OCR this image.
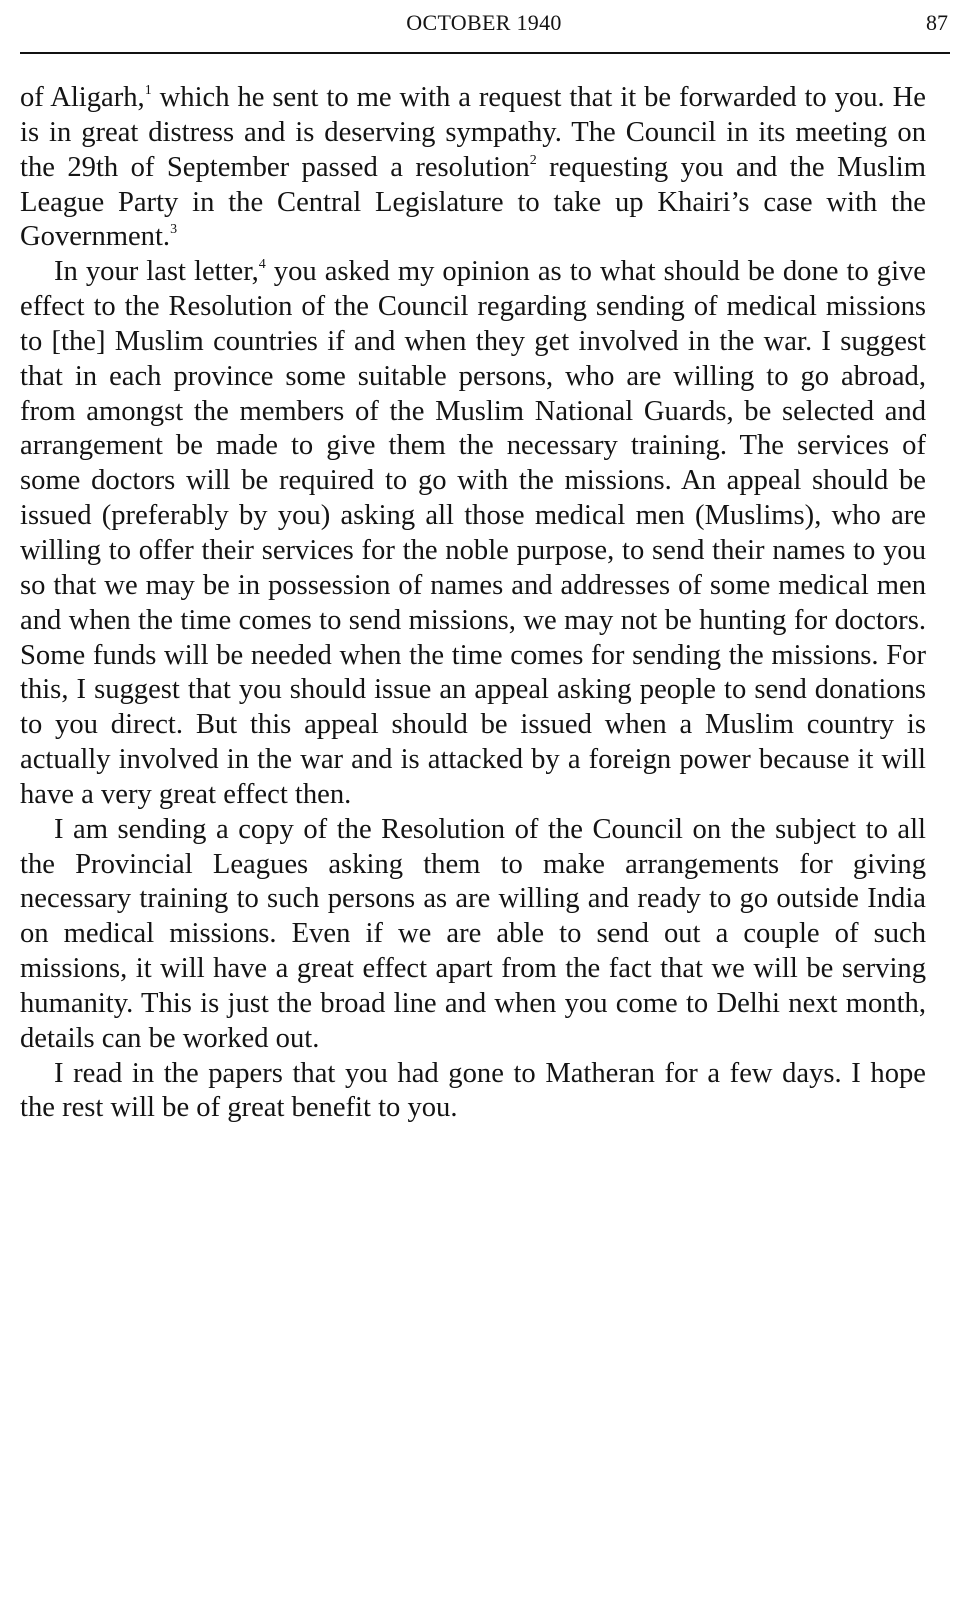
OCTOBER 1940	87

of Aligarh,$^1$ which he sent to me with a request that it be forwarded to you. He is in great distress and is deserving sympathy. The Council in its meeting on the 29th of September passed a resolution$^2$ requesting you and the Muslim League Party in the Central Legislature to take up Khairi’s case with the Government.$^3$

In your last letter,$^4$ you asked my opinion as to what should be done to give effect to the Resolution of the Council regarding sending of medical missions to [the] Muslim countries if and when they get involved in the war. I suggest that in each province some suitable persons, who are willing to go abroad, from amongst the members of the Muslim National Guards, be selected and arrangement be made to give them the necessary training. The services of some doctors will be required to go with the missions. An appeal should be issued (preferably by you) asking all those medical men (Muslims), who are willing to offer their services for the noble purpose, to send their names to you so that we may be in possession of names and addresses of some medical men and when the time comes to send missions, we may not be hunting for doctors. Some funds will be needed when the time comes for sending the missions. For this, I suggest that you should issue an appeal asking people to send donations to you direct. But this appeal should be issued when a Muslim country is actually involved in the war and is attacked by a foreign power because it will have a very great effect then.

I am sending a copy of the Resolution of the Council on the subject to all the Provincial Leagues asking them to make arrangements for giving necessary training to such persons as are willing and ready to go outside India on medical missions. Even if we are able to send out a couple of such missions, it will have a great effect apart from the fact that we will be serving humanity. This is just the broad line and when you come to Delhi next month, details can be worked out.

I read in the papers that you had gone to Matheran for a few days. I hope the rest will be of great benefit to you.
